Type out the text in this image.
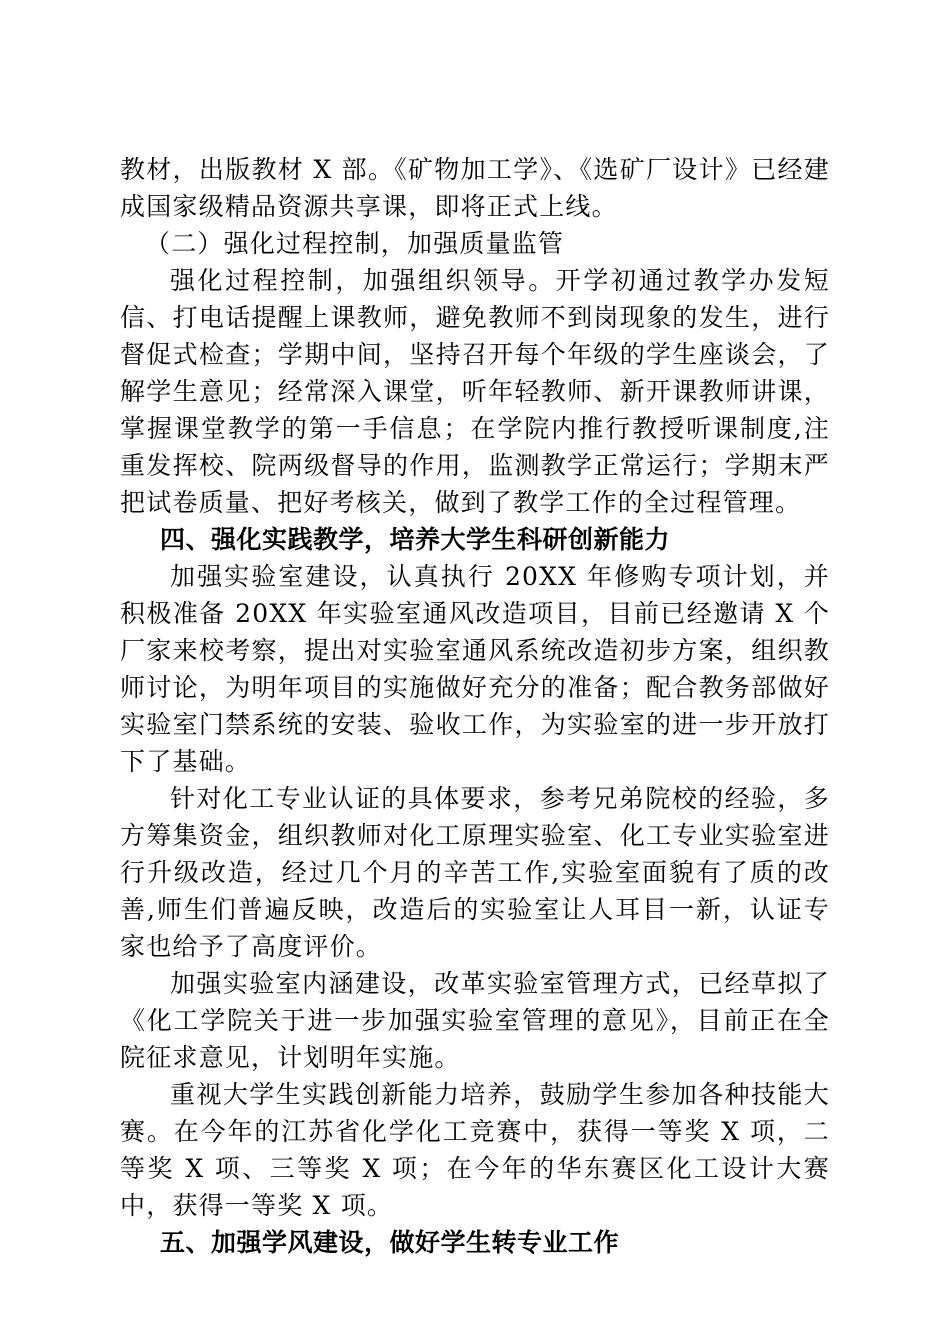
教材，出版教材 X 部。《矿物加工学》、《选矿厂设计》已经建成国家级精品资源共享课，即将正式上线。

（二）强化过程控制，加强质量监管

强化过程控制，加强组织领导。开学初通过教学办发短信、打电话提醒上课教师，避免教师不到岗现象的发生，进行督促式检查；学期中间，坚持召开每个年级的学生座谈会，了解学生意见；经常深入课堂，听年轻教师、新开课教师讲课，掌握课堂教学的第一手信息；在学院内推行教授听课制度,注重发挥校、院两级督导的作用，监测教学正常运行；学期末严把试卷质量、把好考核关，做到了教学工作的全过程管理。

四、强化实践教学，培养大学生科研创新能力

加强实验室建设，认真执行 20XX 年修购专项计划，并积极准备 20XX 年实验室通风改造项目，目前已经邀请 X 个厂家来校考察，提出对实验室通风系统改造初步方案，组织教师讨论，为明年项目的实施做好充分的准备；配合教务部做好实验室门禁系统的安装、验收工作，为实验室的进一步开放打下了基础。

针对化工专业认证的具体要求，参考兄弟院校的经验，多方筹集资金，组织教师对化工原理实验室、化工专业实验室进行升级改造，经过几个月的辛苦工作,实验室面貌有了质的改善,师生们普遍反映，改造后的实验室让人耳目一新，认证专家也给予了高度评价。

加强实验室内涵建设，改革实验室管理方式，已经草拟了《化工学院关于进一步加强实验室管理的意见》，目前正在全院征求意见，计划明年实施。

重视大学生实践创新能力培养，鼓励学生参加各种技能大赛。在今年的江苏省化学化工竞赛中，获得一等奖 X 项，二等奖 X 项、三等奖 X 项；在今年的华东赛区化工设计大赛中，获得一等奖 X 项。

五、加强学风建设，做好学生转专业工作
